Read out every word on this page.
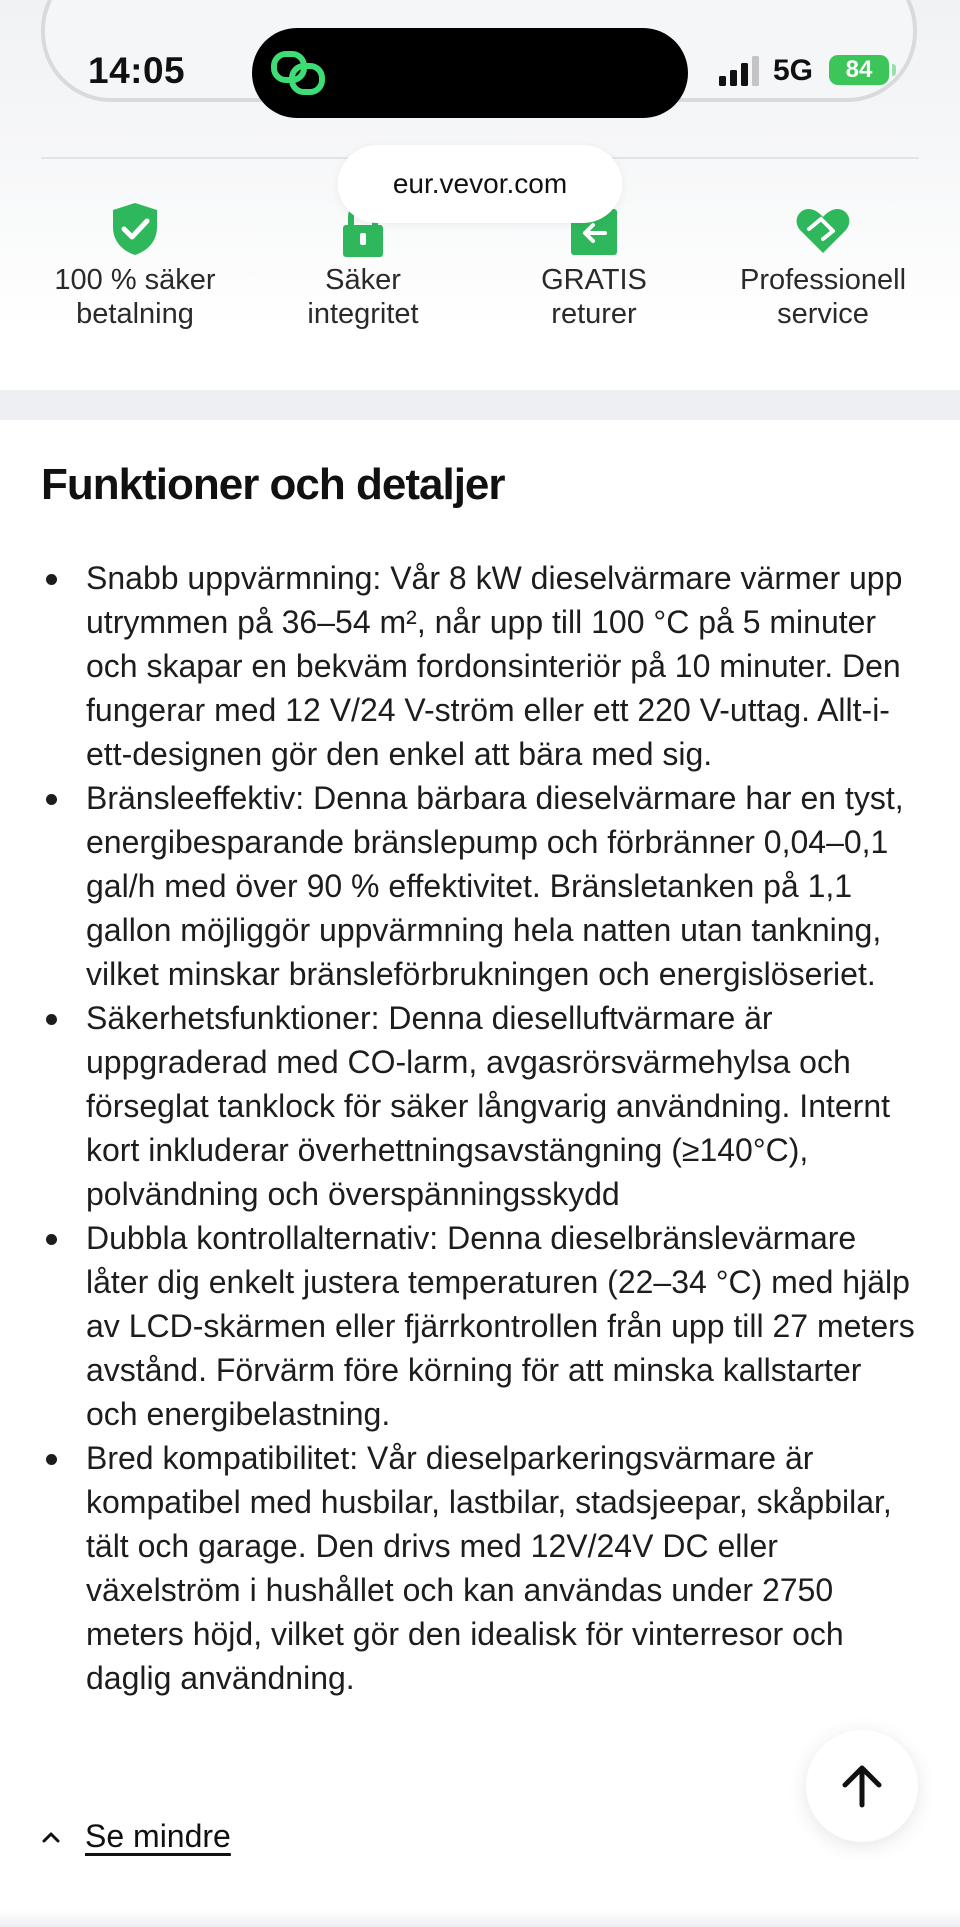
14:05	5G	84
eur.vevor.com
100 % säker
betalning
Säker
integritet
GRATIS
returer
Professionell
service
Funktioner och detaljer
Snabb uppvärmning: Vår 8 kW dieselvärmare värmer upp utrymmen på 36–54 m², når upp till 100 °C på 5 minuter och skapar en bekväm fordonsinteriör på 10 minuter. Den fungerar med 12 V/24 V-ström eller ett 220 V-uttag. Allt-i-ett-designen gör den enkel att bära med sig.
Bränsleeffektiv: Denna bärbara dieselvärmare har en tyst, energibesparande bränslepump och förbränner 0,04–0,1 gal/h med över 90 % effektivitet. Bränsletanken på 1,1 gallon möjliggör uppvärmning hela natten utan tankning, vilket minskar bränsleförbrukningen och energislöseriet.
Säkerhetsfunktioner: Denna dieselluftvärmare är uppgraderad med CO-larm, avgasrörsvärmehylsa och förseglat tanklock för säker långvarig användning. Internt kort inkluderar överhettningsavstängning (≥140°C), polvändning och överspänningsskydd
Dubbla kontrollalternativ: Denna dieselbränslevärmare låter dig enkelt justera temperaturen (22–34 °C) med hjälp av LCD-skärmen eller fjärrkontrollen från upp till 27 meters avstånd. Förvärm före körning för att minska kallstarter och energibelastning.
Bred kompatibilitet: Vår dieselparkeringsvärmare är kompatibel med husbilar, lastbilar, stadsjeepar, skåpbilar, tält och garage. Den drivs med 12V/24V DC eller växelström i hushållet och kan användas under 2750 meters höjd, vilket gör den idealisk för vinterresor och daglig användning.
Se mindre
